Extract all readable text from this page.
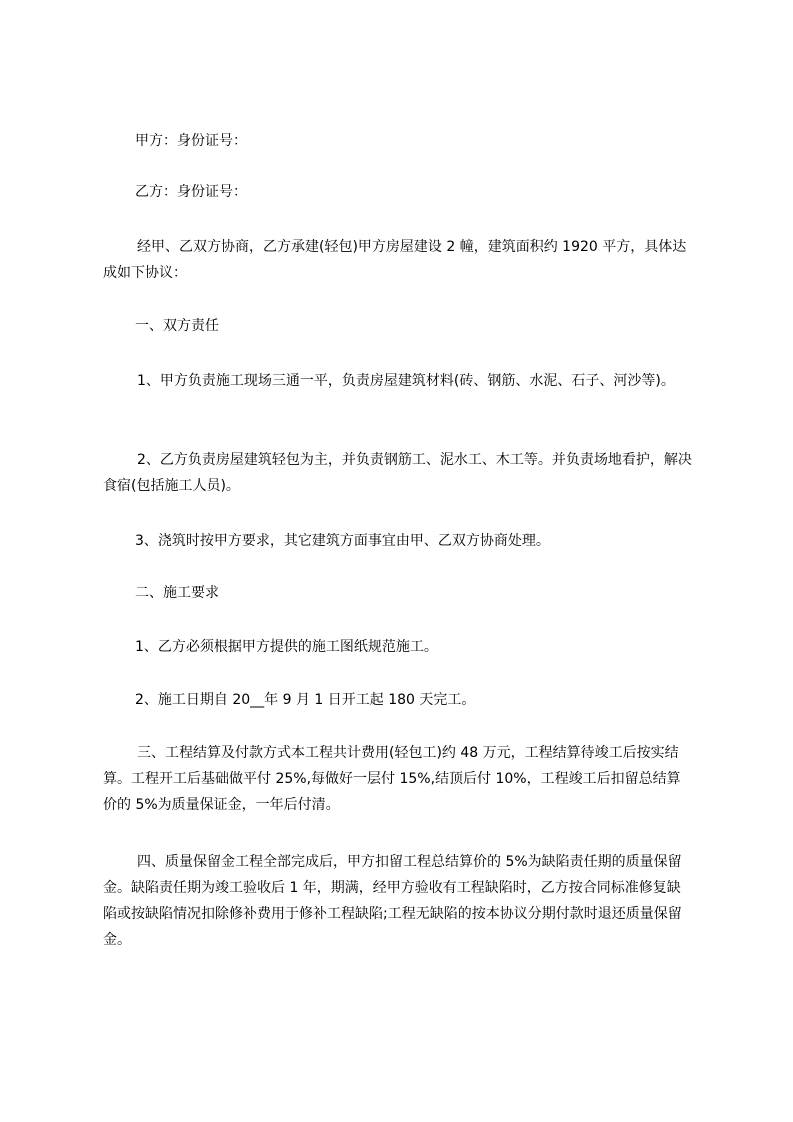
甲方：身份证号：

乙方：身份证号：

经甲、乙双方协商，乙方承建(轻包)甲方房屋建设 2 幢，建筑面积约 1920 平方，具体达成如下协议：

一、双方责任

1、甲方负责施工现场三通一平，负责房屋建筑材料(砖、钢筋、水泥、石子、河沙等)。

2、乙方负责房屋建筑轻包为主，并负责钢筋工、泥水工、木工等。并负责场地看护，解决食宿(包括施工人员)。

3、浇筑时按甲方要求，其它建筑方面事宜由甲、乙双方协商处理。

二、施工要求

1、乙方必须根据甲方提供的施工图纸规范施工。

2、施工日期自 20__年 9 月 1 日开工起 180 天完工。

三、工程结算及付款方式本工程共计费用(轻包工)约 48 万元，工程结算待竣工后按实结算。工程开工后基础做平付 25%,每做好一层付 15%,结顶后付 10%，工程竣工后扣留总结算价的 5%为质量保证金，一年后付清。

四、质量保留金工程全部完成后，甲方扣留工程总结算价的 5%为缺陷责任期的质量保留金。缺陷责任期为竣工验收后 1 年，期满，经甲方验收有工程缺陷时，乙方按合同标准修复缺陷或按缺陷情况扣除修补费用于修补工程缺陷;工程无缺陷的按本协议分期付款时退还质量保留金。
